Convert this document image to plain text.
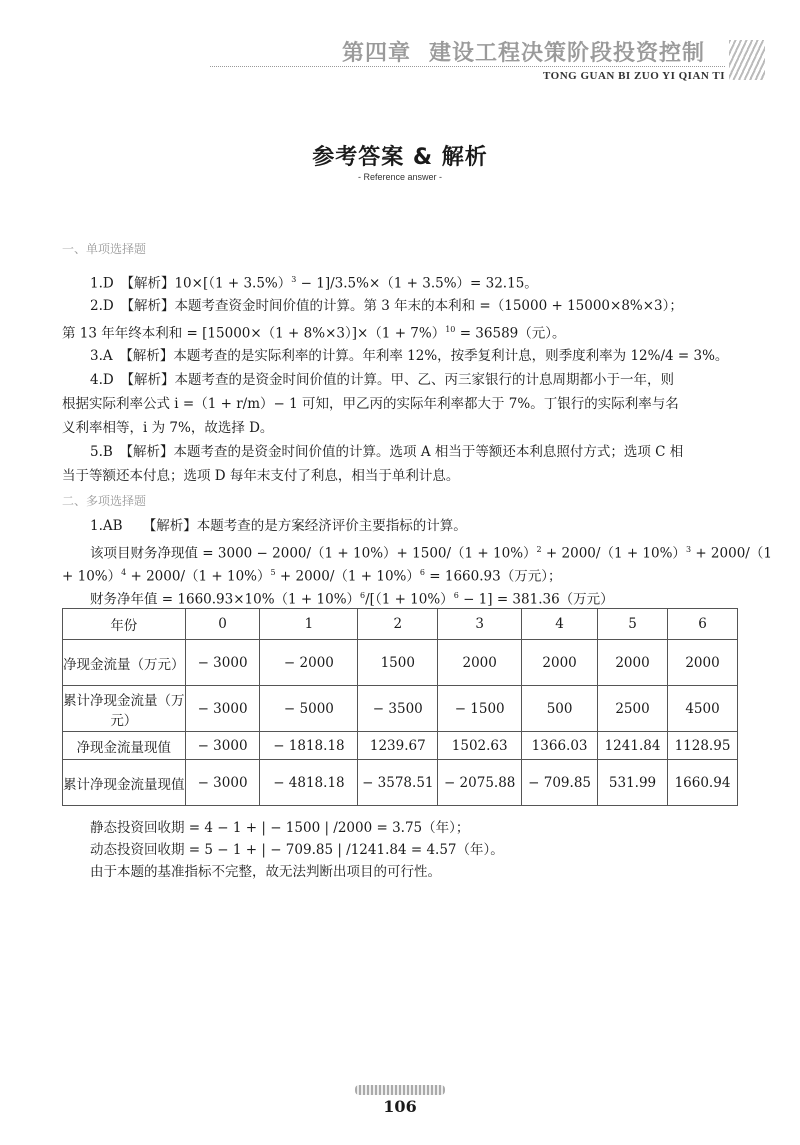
第四章 建设工程决策阶段投资控制
TONG GUAN BI ZUO YI QIAN TI
参考答案 & 解析
- Reference answer -
一、单项选择题
1.D　【解析】$10\times[(1 + 3.5\%)^3 - 1]/3.5\%\times(1 + 3.5\%)= 32.15$。
2.D　【解析】本题考查资金时间价值的计算。第 3 年末的本利和 =（15000 + 15000×8%×3）；
第 13 年年终本利和 = $[15000\times(1 + 8\%\times 3)]\times(1 + 7\%)^{10} = 36589$（元）。
3.A　【解析】本题考查的是实际利率的计算。年利率 12%，按季复利计息，则季度利率为 12%/4 = 3%。
4.D　【解析】本题考查的是资金时间价值的计算。甲、乙、丙三家银行的计息周期都小于一年，则
根据实际利率公式 i =（1 + r/m）− 1 可知，甲乙丙的实际年利率都大于 7%。丁银行的实际利率与名
义利率相等，i 为 7%，故选择 D。
5.B　【解析】本题考查的是资金时间价值的计算。选项 A 相当于等额还本利息照付方式；选项 C 相
当于等额还本付息；选项 D 每年末支付了利息，相当于单利计息。
二、多项选择题
1.AB　　【解析】本题考查的是方案经济评价主要指标的计算。
该项目财务净现值 = $3000 - 2000/(1 + 10\%)+ 1500/(1 + 10\%)^2 + 2000/(1 + 10\%)^3 + 2000/(1$
+ $10\%)^4 + 2000/(1 + 10\%)^5 + 2000/(1 + 10\%)^6 = 1660.93$（万元）；
财务净年值 = $1660.93\times 10\%(1 + 10\%)^6/[(1 + 10\%)^6 - 1] = 381.36$（万元）
年份	0	1	2	3	4	5	6
净现金流量（万元）	− 3000	− 2000	1500	2000	2000	2000	2000
累计净现金流量（万元）	− 3000	− 5000	− 3500	− 1500	500	2500	4500
净现金流量现值	− 3000	− 1818.18	1239.67	1502.63	1366.03	1241.84	1128.95
累计净现金流量现值	− 3000	− 4818.18	− 3578.51	− 2075.88	− 709.85	531.99	1660.94
静态投资回收期 = 4 − 1 + | − 1500 | /2000 = 3.75（年）；
动态投资回收期 = 5 − 1 + | − 709.85 | /1241.84 = 4.57（年）。
由于本题的基准指标不完整，故无法判断出项目的可行性。
106
